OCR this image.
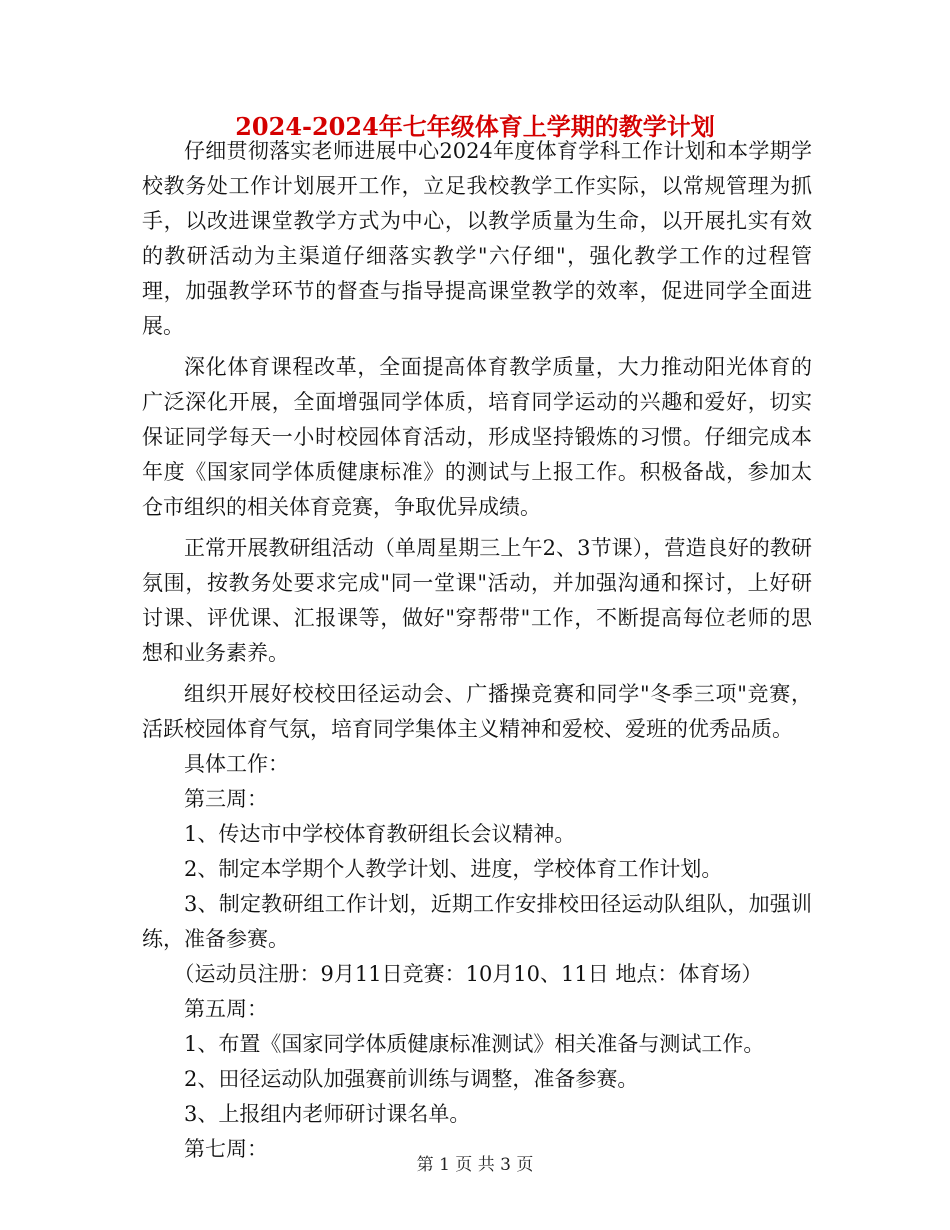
2024-2024年七年级体育上学期的教学计划

仔细贯彻落实老师进展中心2024年度体育学科工作计划和本学期学校教务处工作计划展开工作，立足我校教学工作实际，以常规管理为抓手，以改进课堂教学方式为中心，以教学质量为生命，以开展扎实有效的教研活动为主渠道仔细落实教学"六仔细"，强化教学工作的过程管理，加强教学环节的督查与指导提高课堂教学的效率，促进同学全面进展。

深化体育课程改革，全面提高体育教学质量，大力推动阳光体育的广泛深化开展，全面增强同学体质，培育同学运动的兴趣和爱好，切实保证同学每天一小时校园体育活动，形成坚持锻炼的习惯。仔细完成本年度《国家同学体质健康标准》的测试与上报工作。积极备战，参加太仓市组织的相关体育竞赛，争取优异成绩。

正常开展教研组活动（单周星期三上午2、3节课），营造良好的教研氛围，按教务处要求完成"同一堂课"活动，并加强沟通和探讨，上好研讨课、评优课、汇报课等，做好"穿帮带"工作，不断提高每位老师的思想和业务素养。

组织开展好校校田径运动会、广播操竞赛和同学"冬季三项"竞赛，活跃校园体育气氛，培育同学集体主义精神和爱校、爱班的优秀品质。

具体工作：

第三周：

1、传达市中学校体育教研组长会议精神。

2、制定本学期个人教学计划、进度，学校体育工作计划。

3、制定教研组工作计划，近期工作安排校田径运动队组队，加强训练，准备参赛。

（运动员注册：9月11日竞赛：10月10、11日 地点：体育场）

第五周：

1、布置《国家同学体质健康标准测试》相关准备与测试工作。

2、田径运动队加强赛前训练与调整，准备参赛。

3、上报组内老师研讨课名单。

第七周：

第 1 页 共 3 页
